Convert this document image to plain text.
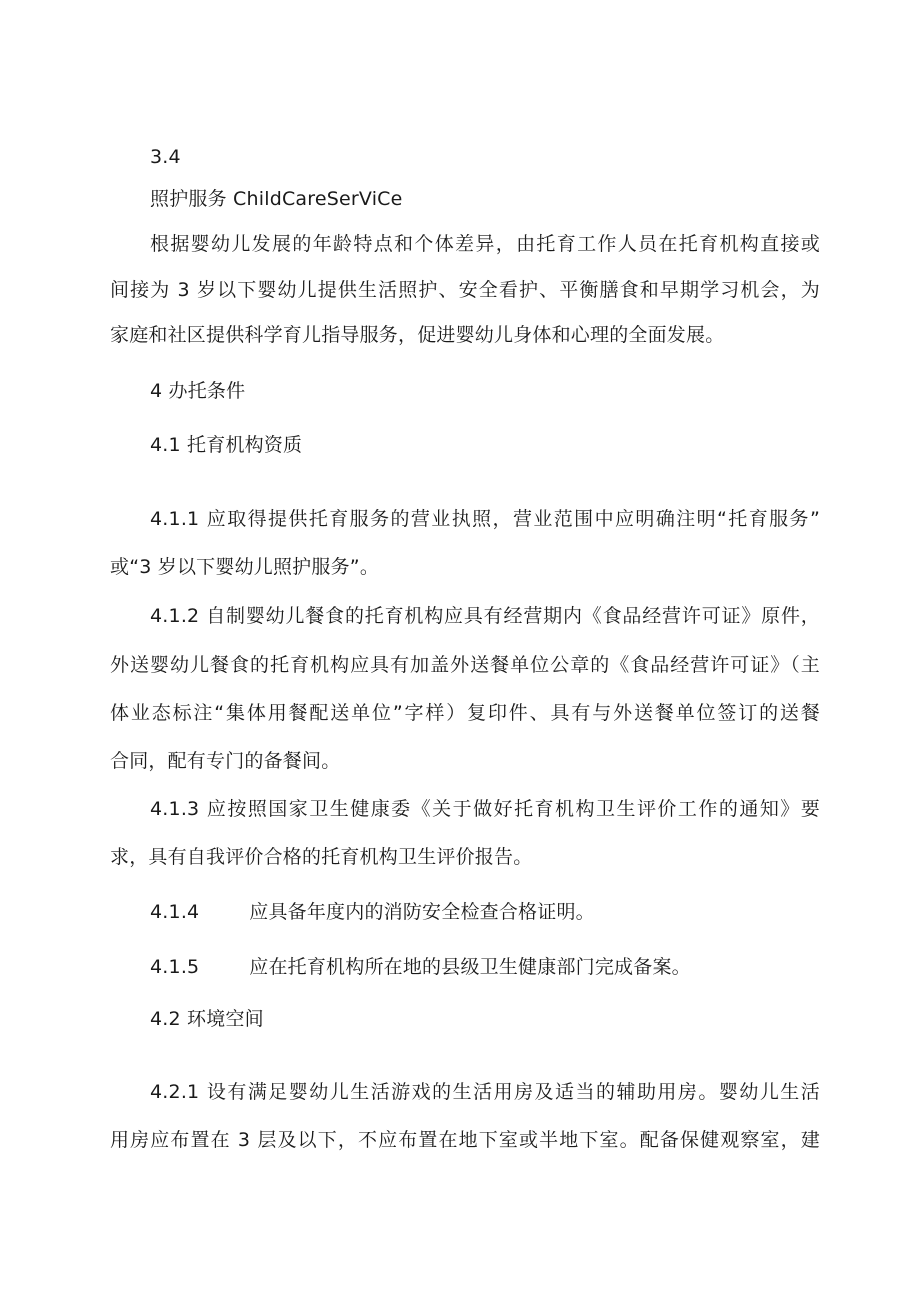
3.4
照护服务 ChildCareSerViCe
根据婴幼儿发展的年龄特点和个体差异，由托育工作人员在托育机构直接或
间接为 3 岁以下婴幼儿提供生活照护、安全看护、平衡膳食和早期学习机会，为
家庭和社区提供科学育儿指导服务，促进婴幼儿身体和心理的全面发展。
4 办托条件
4.1 托育机构资质
4.1.1 应取得提供托育服务的营业执照，营业范围中应明确注明“托育服务”
或“3 岁以下婴幼儿照护服务”。
4.1.2 自制婴幼儿餐食的托育机构应具有经营期内《食品经营许可证》原件，
外送婴幼儿餐食的托育机构应具有加盖外送餐单位公章的《食品经营许可证》（主
体业态标注“集体用餐配送单位”字样）复印件、具有与外送餐单位签订的送餐
合同，配有专门的备餐间。
4.1.3 应按照国家卫生健康委《关于做好托育机构卫生评价工作的通知》要
求，具有自我评价合格的托育机构卫生评价报告。
4.1.4        应具备年度内的消防安全检查合格证明。
4.1.5        应在托育机构所在地的县级卫生健康部门完成备案。
4.2 环境空间
4.2.1 设有满足婴幼儿生活游戏的生活用房及适当的辅助用房。婴幼儿生活
用房应布置在 3 层及以下，不应布置在地下室或半地下室。配备保健观察室，建
